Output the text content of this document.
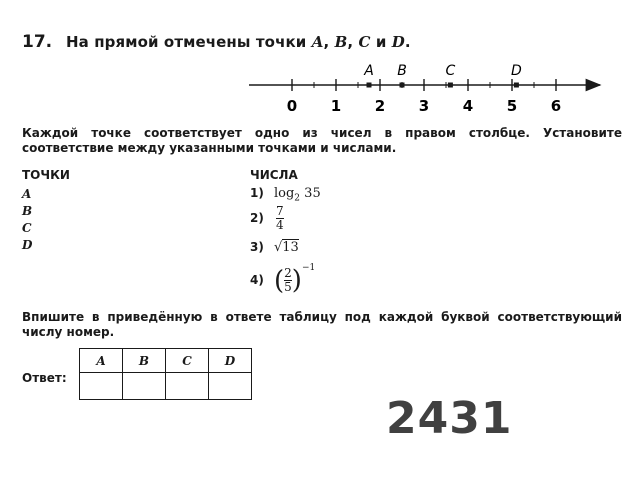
17. На прямой отмечены точки A, B, C и D.
0 1 2 3 4 5 6
A B	C	D
Каждой точке соответствует одно из чисел в правом столбце. Установите соответствие между указанными точками и числами.
ТОЧКИ
A
B
C
D
ЧИСЛА
1) $\log_2 35$
$2) \frac{7}{4}$
3) √13
4) ( $\frac{2}{5} )^{-1}$
Впишите в приведённую в ответе таблицу под каждой буквой соответствующий числу номер.
Ответ:
A	B	C	D

2431
